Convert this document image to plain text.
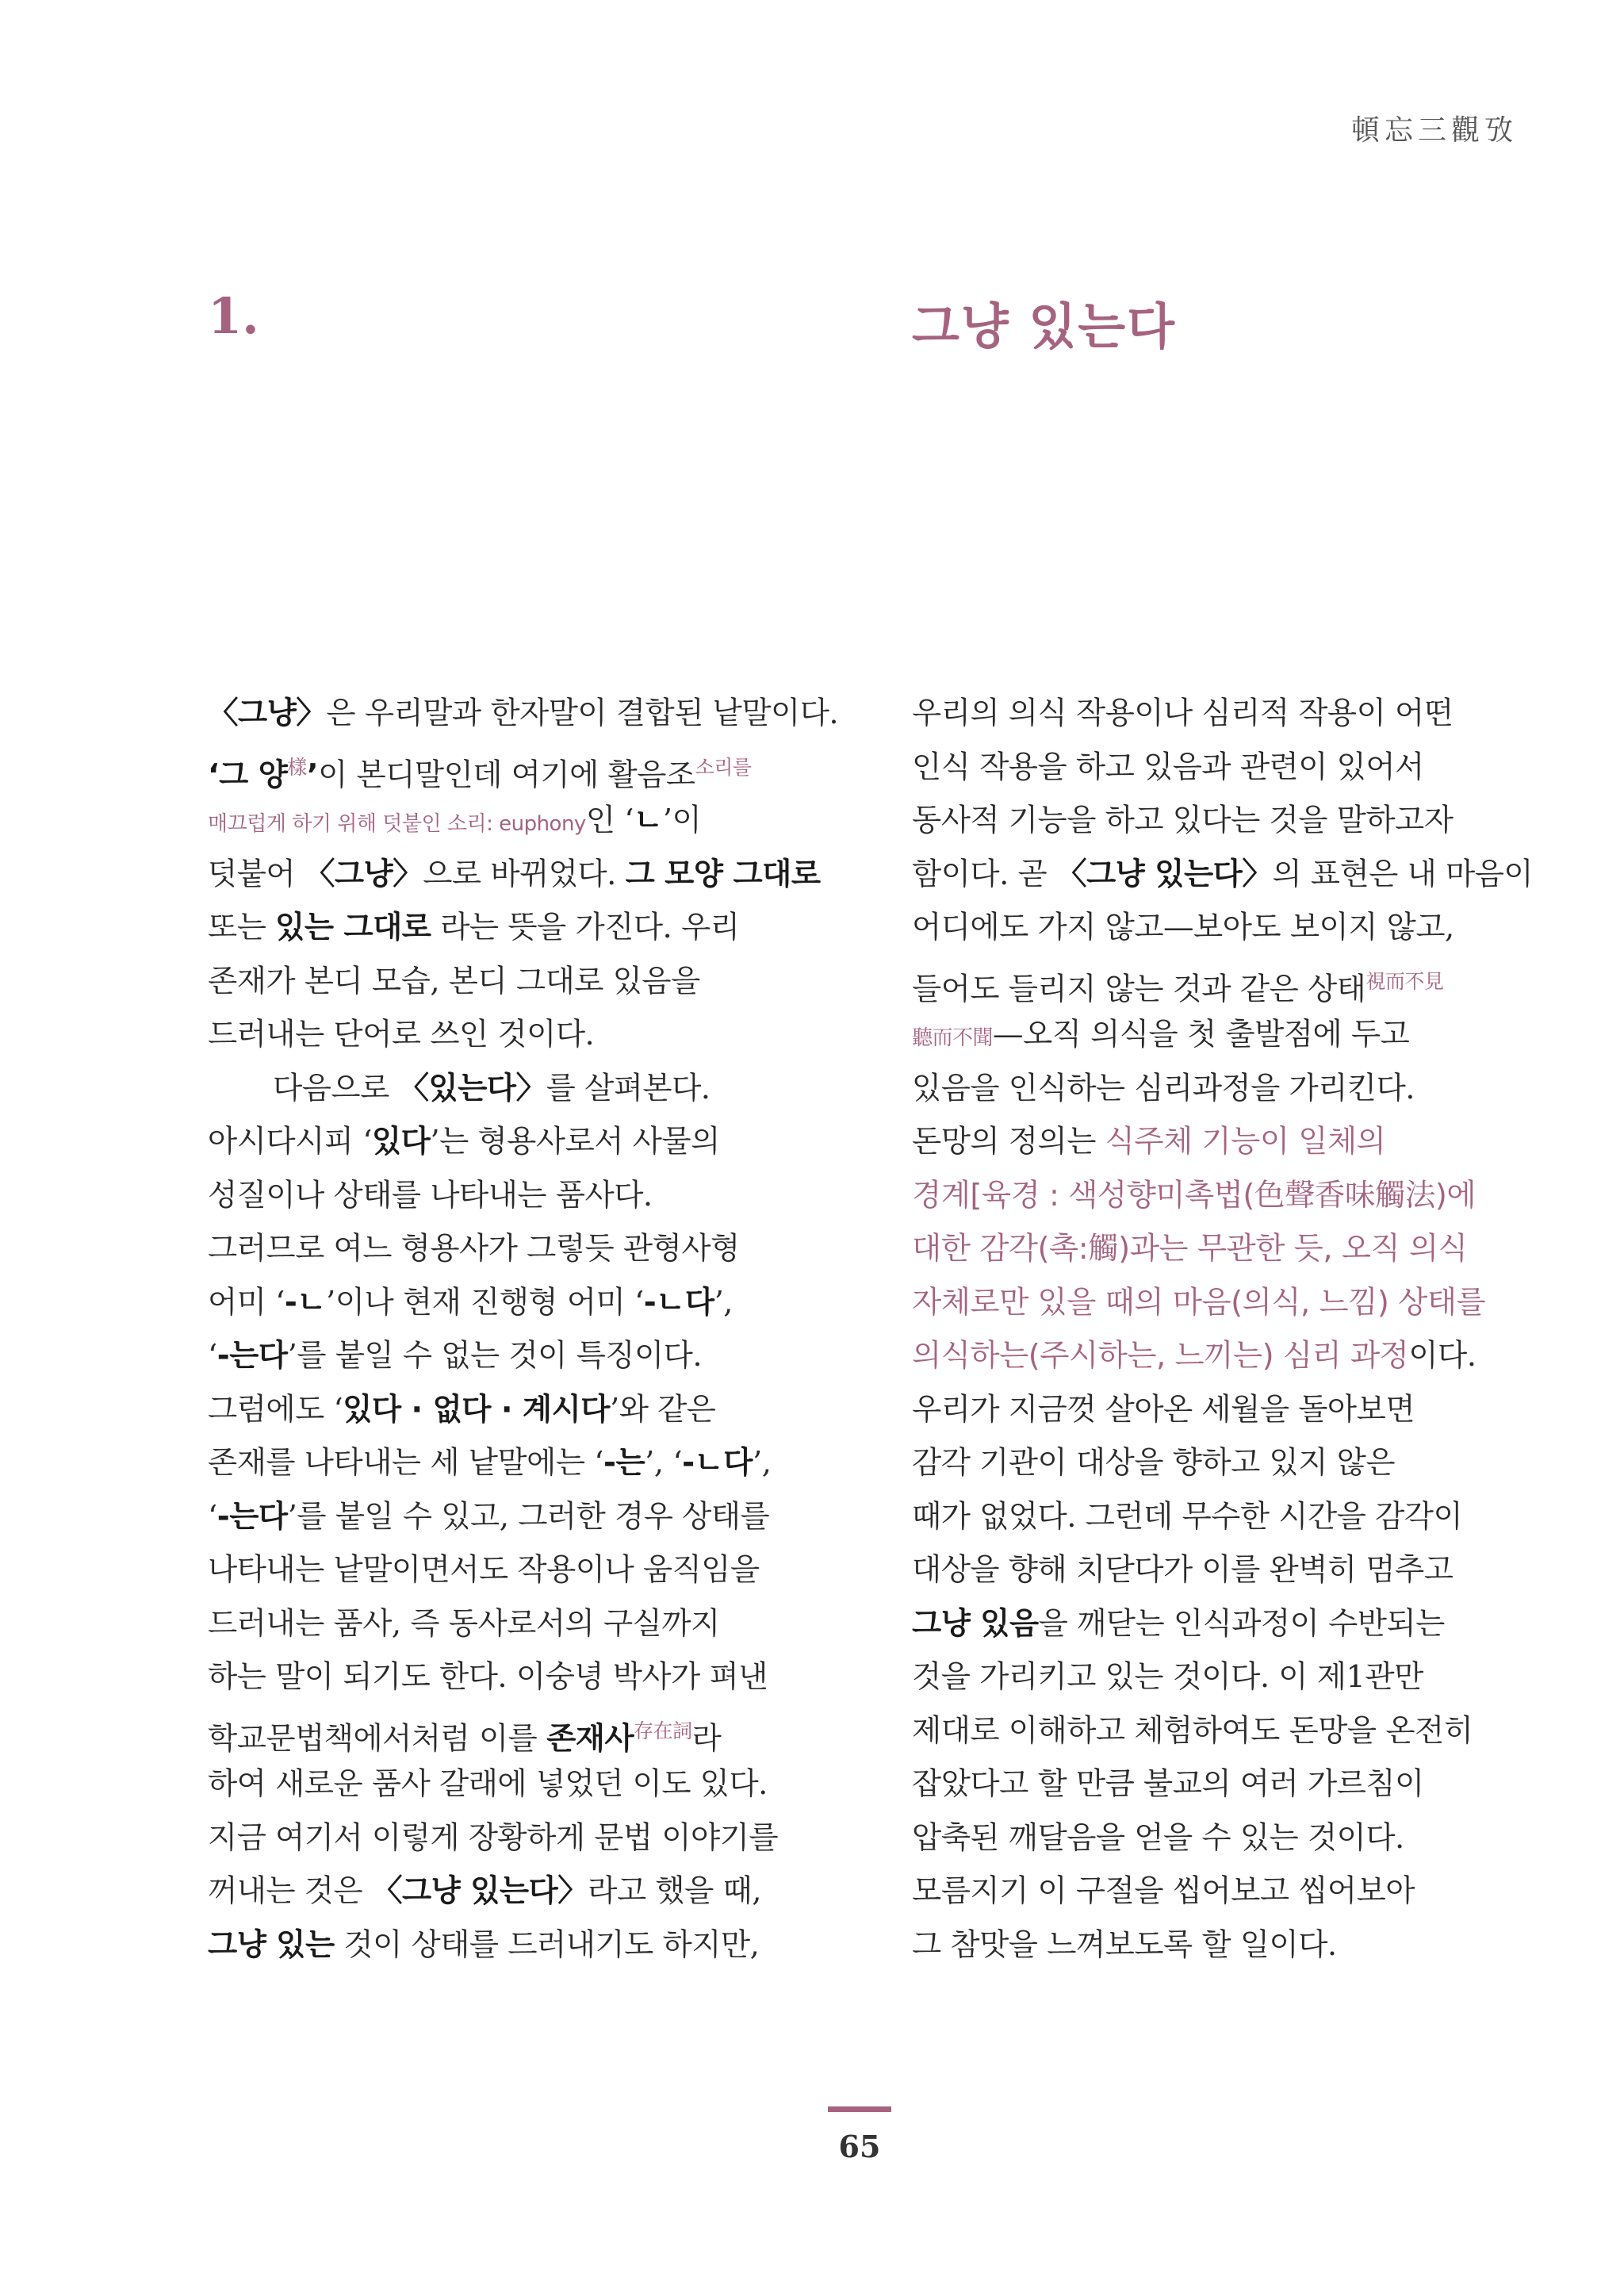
頓忘三觀攷
1.	그냥 있는다
〈그냥〉은 우리말과 한자말이 결합된 낱말이다.
‘그 양$^樣$’이 본디말인데 여기에 활음조$^{소리를}$
매끄럽게 하기 위해 덧붙인 소리: euphony인 ‘ㄴ’이
덧붙어 〈그냥〉으로 바뀌었다. 그 모양 그대로
또는 있는 그대로 라는 뜻을 가진다. 우리
존재가 본디 모습, 본디 그대로 있음을
드러내는 단어로 쓰인 것이다.
다음으로 〈있는다〉를 살펴본다.
아시다시피 ‘있다’는 형용사로서 사물의
성질이나 상태를 나타내는 품사다.
그러므로 여느 형용사가 그렇듯 관형사형
어미 ‘-ㄴ’이나 현재 진행형 어미 ‘-ㄴ다’,
‘-는다’를 붙일 수 없는 것이 특징이다.
그럼에도 ‘있다 · 없다 · 계시다’와 같은
존재를 나타내는 세 낱말에는 ‘-는’, ‘-ㄴ다’,
‘-는다’를 붙일 수 있고, 그러한 경우 상태를
나타내는 낱말이면서도 작용이나 움직임을
드러내는 품사, 즉 동사로서의 구실까지
하는 말이 되기도 한다. 이숭녕 박사가 펴낸
학교문법책에서처럼 이를 존재사$^{存在詞}$라
하여 새로운 품사 갈래에 넣었던 이도 있다.
지금 여기서 이렇게 장황하게 문법 이야기를
꺼내는 것은 〈그냥 있는다〉라고 했을 때,
그냥 있는 것이 상태를 드러내기도 하지만,
우리의 의식 작용이나 심리적 작용이 어떤
인식 작용을 하고 있음과 관련이 있어서
동사적 기능을 하고 있다는 것을 말하고자
함이다. 곧 〈그냥 있는다〉의 표현은 내 마음이
어디에도 가지 않고—보아도 보이지 않고,
들어도 들리지 않는 것과 같은 상태$^{視而不見}$
聽而不聞—오직 의식을 첫 출발점에 두고
있음을 인식하는 심리과정을 가리킨다.
돈망의 정의는 식주체 기능이 일체의
경계[육경 : 색성향미촉법(色聲香味觸法)에
대한 감각(촉:觸)과는 무관한 듯, 오직 의식
자체로만 있을 때의 마음(의식, 느낌) 상태를
의식하는(주시하는, 느끼는) 심리 과정이다.
우리가 지금껏 살아온 세월을 돌아보면
감각 기관이 대상을 향하고 있지 않은
때가 없었다. 그런데 무수한 시간을 감각이
대상을 향해 치닫다가 이를 완벽히 멈추고
그냥 있음을 깨닫는 인식과정이 수반되는
것을 가리키고 있는 것이다. 이 제1관만
제대로 이해하고 체험하여도 돈망을 온전히
잡았다고 할 만큼 불교의 여러 가르침이
압축된 깨달음을 얻을 수 있는 것이다.
모름지기 이 구절을 씹어보고 씹어보아
그 참맛을 느껴보도록 할 일이다.
65
